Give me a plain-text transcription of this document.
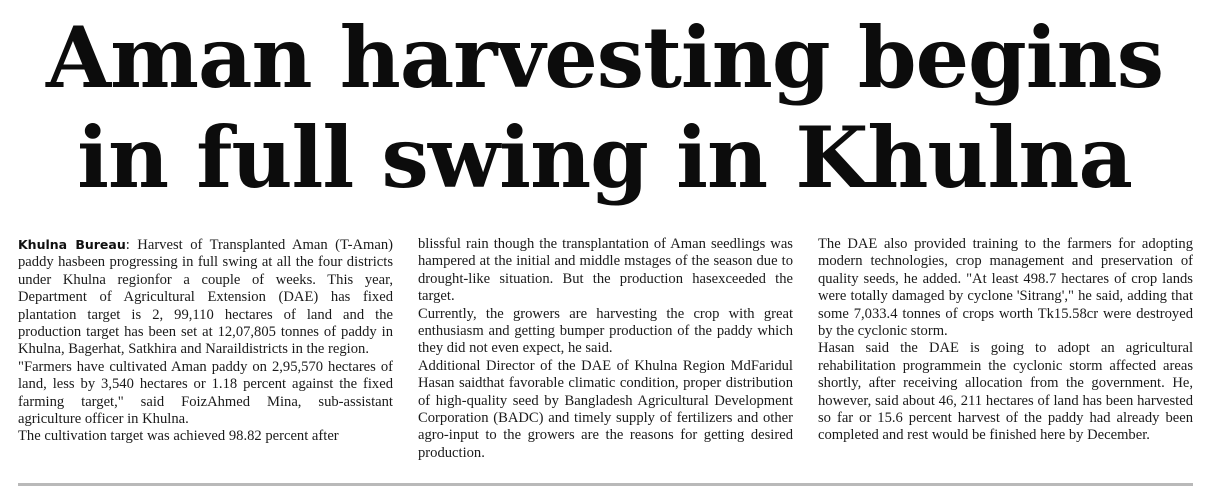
Aman harvesting begins
in full swing in Khulna

Khulna Bureau: Harvest of Transplanted Aman (T-Aman) paddy hasbeen progressing in full swing at all the four districts under Khulna regionfor a couple of weeks. This year, Department of Agricultural Extension (DAE) has fixed plantation target is 2, 99,110 hectares of land and the production target has been set at 12,07,805 tonnes of paddy in Khulna, Bagerhat, Satkhira and Naraildistricts in the region.

"Farmers have cultivated Aman paddy on 2,95,570 hectares of land, less by 3,540 hectares or 1.18 percent against the fixed farming target," said FoizAhmed Mina, sub-assistant agriculture officer in Khulna.

The cultivation target was achieved 98.82 percent after

blissful rain though the transplantation of Aman seedlings was hampered at the initial and middle mstages of the season due to drought-like situation. But the production hasexceeded the target.

Currently, the growers are harvesting the crop with great enthusiasm and getting bumper production of the paddy which they did not even expect, he said.

Additional Director of the DAE of Khulna Region MdFaridul Hasan saidthat favorable climatic condition, proper distribution of high-quality seed by Bangladesh Agricultural Development Corporation (BADC) and timely supply of fertilizers and other agro-input to the growers are the reasons for getting desired production.

The DAE also provided training to the farmers for adopting modern technologies, crop management and preservation of quality seeds, he added. "At least 498.7 hectares of crop lands were totally damaged by cyclone 'Sitrang'," he said, adding that some 7,033.4 tonnes of crops worth Tk15.58cr were destroyed by the cyclonic storm.

Hasan said the DAE is going to adopt an agricultural rehabilitation programmein the cyclonic storm affected areas shortly, after receiving allocation from the government. He, however, said about 46, 211 hectares of land has been harvested so far or 15.6 percent harvest of the paddy had already been completed and rest would be finished here by December.
